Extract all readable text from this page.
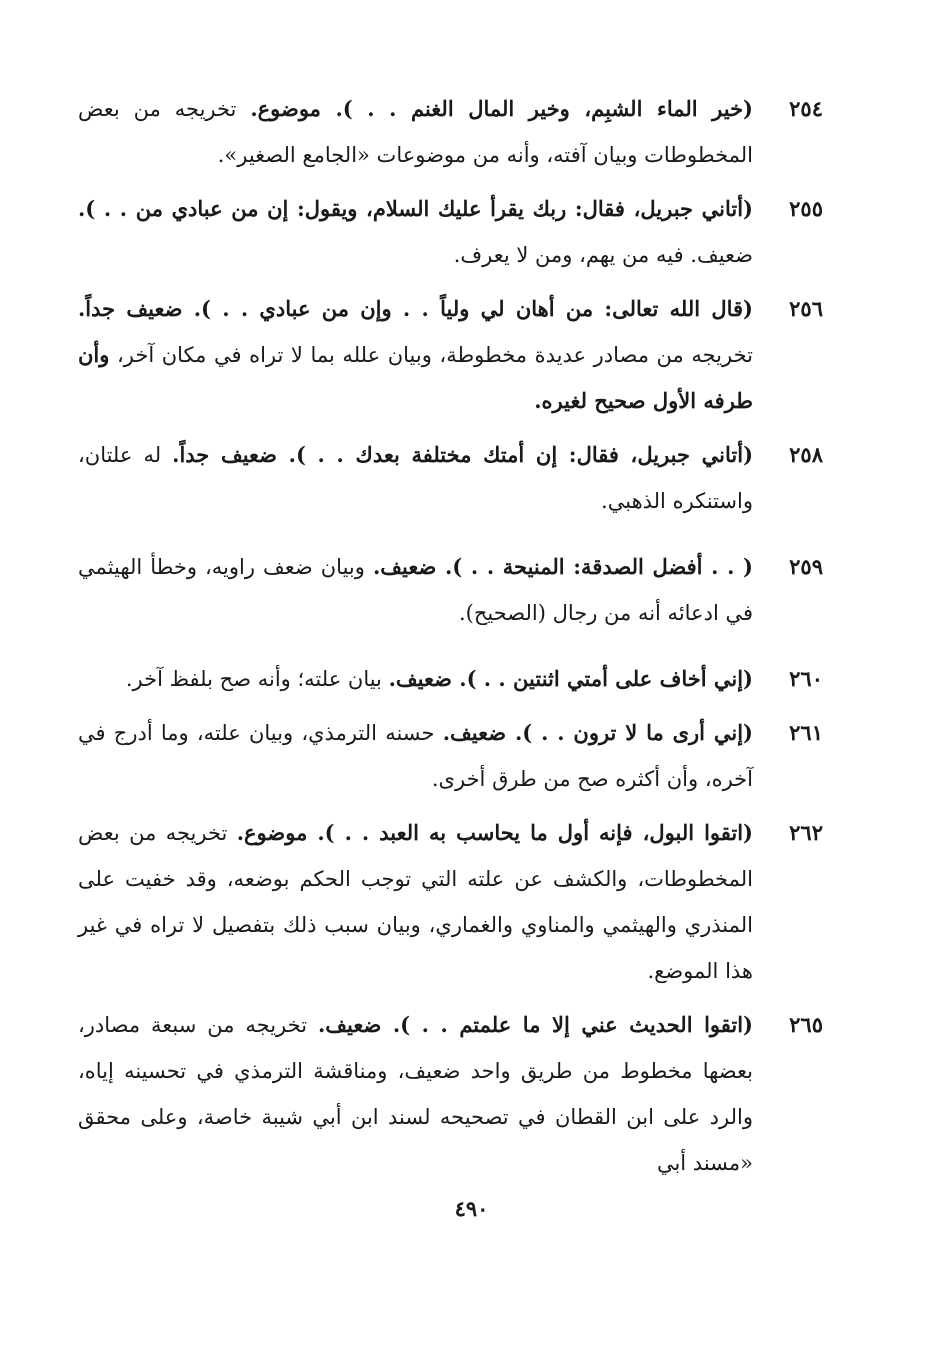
٢٥٤
(خير الماء الشبِم، وخير المال الغنم . . ). موضوع. تخريجه من بعض المخطوطات وبيان آفته، وأنه من موضوعات «الجامع الصغير».
٢٥٥
(أتاني جبريل، فقال: ربك يقرأ عليك السلام، ويقول: إن من عبادي من . . ). ضعيف. فيه من يهم، ومن لا يعرف.
٢٥٦
(قال الله تعالى: من أهان لي ولياً . . وإن من عبادي . . ). ضعيف جداً. تخريجه من مصادر عديدة مخطوطة، وبيان علله بما لا تراه في مكان آخر، وأن طرفه الأول صحيح لغيره.
٢٥٨
(أتاني جبريل، فقال: إن أمتك مختلفة بعدك . . ). ضعيف جداً. له علتان، واستنكره الذهبي.
٢٥٩
( . . أفضل الصدقة: المنيحة . . ). ضعيف. وبيان ضعف راويه، وخطأ الهيثمي في ادعائه أنه من رجال (الصحيح).
٢٦٠
(إني أخاف على أمتي اثنتين . . ). ضعيف. بيان علته؛ وأنه صح بلفظ آخر.
٢٦١
(إني أرى ما لا ترون . . ). ضعيف. حسنه الترمذي، وبيان علته، وما أدرج في آخره، وأن أكثره صح من طرق أخرى.
٢٦٢
(اتقوا البول، فإنه أول ما يحاسب به العبد . . ). موضوع. تخريجه من بعض المخطوطات، والكشف عن علته التي توجب الحكم بوضعه، وقد خفيت على المنذري والهيثمي والمناوي والغماري، وبيان سبب ذلك بتفصيل لا تراه في غير هذا الموضع.
٢٦٥
(اتقوا الحديث عني إلا ما علمتم . . ). ضعيف. تخريجه من سبعة مصادر، بعضها مخطوط من طريق واحد ضعيف، ومناقشة الترمذي في تحسينه إياه، والرد على ابن القطان في تصحيحه لسند ابن أبي شيبة خاصة، وعلى محقق «مسند أبي
٤٩٠
